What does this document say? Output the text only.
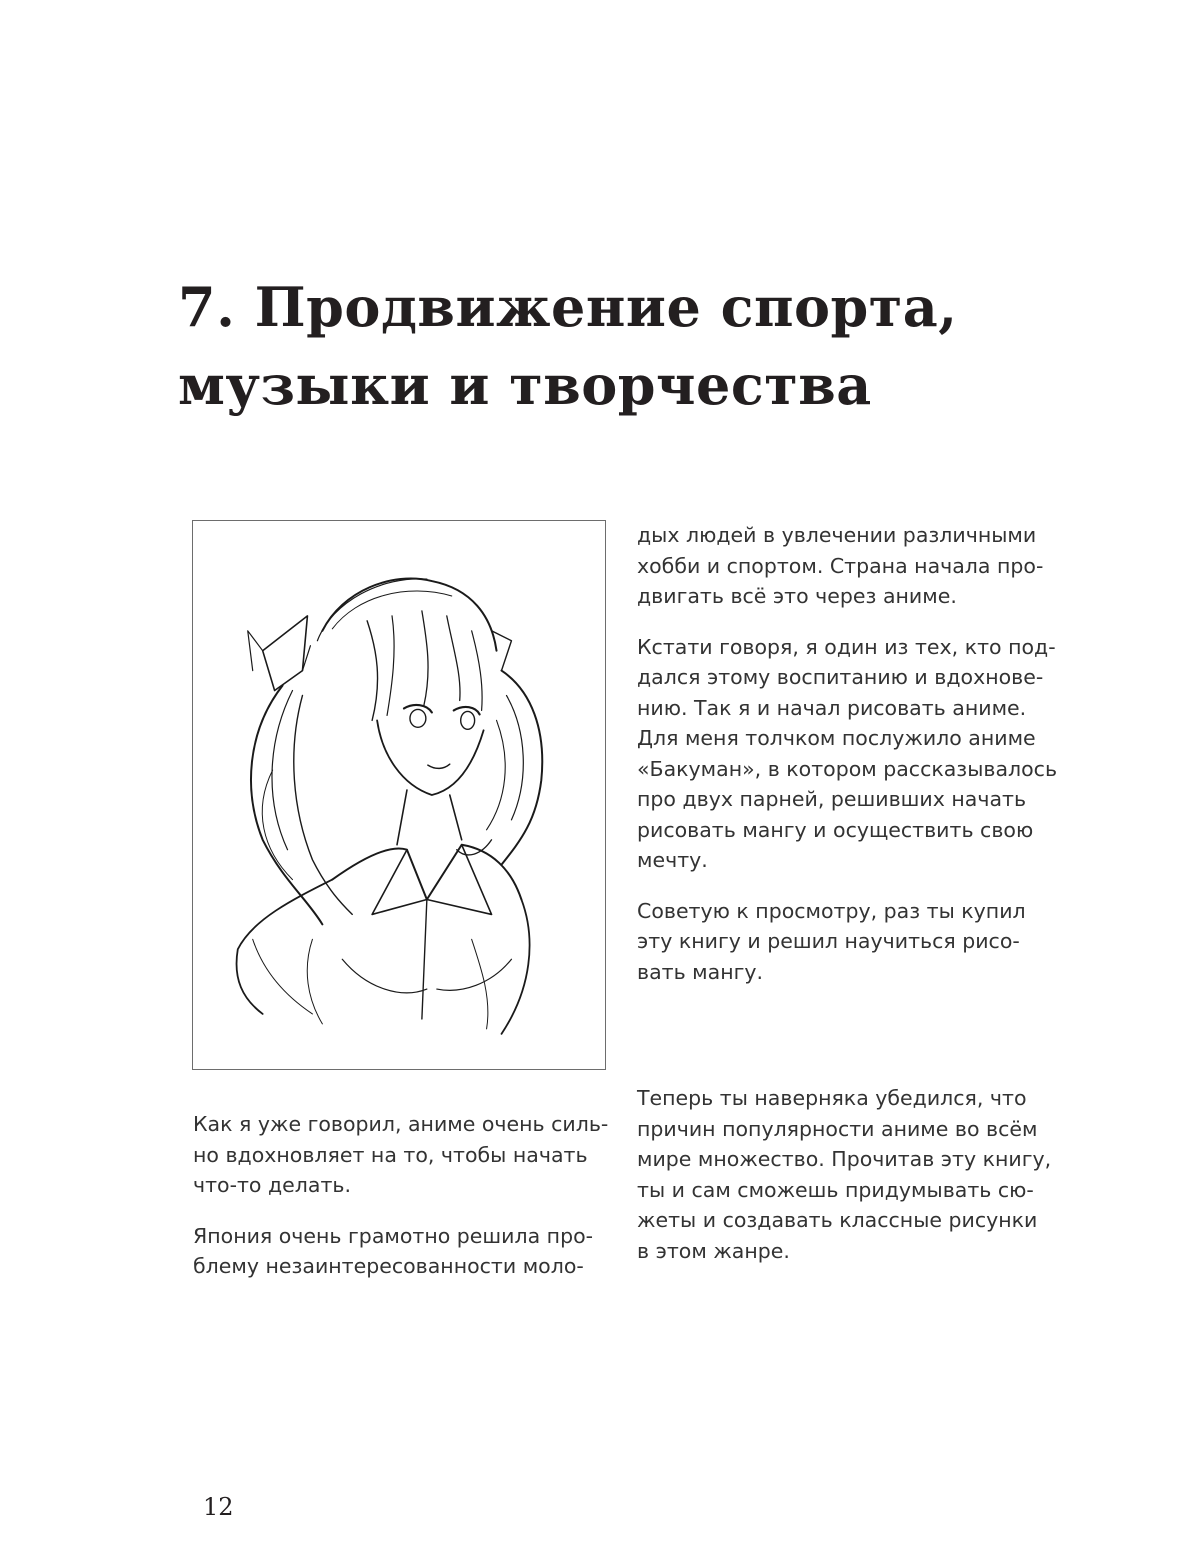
7. Продвижение спорта,
музыки и творчества

Как я уже говорил, аниме очень силь-
но вдохновляет на то, чтобы начать
что-то делать.

Япония очень грамотно решила про-
блему незаинтересованности моло-

дых людей в увлечении различными
хобби и спортом. Страна начала про-
двигать всё это через аниме.

Кстати говоря, я один из тех, кто под-
дался этому воспитанию и вдохнове-
нию. Так я и начал рисовать аниме.
Для меня толчком послужило аниме
«Бакуман», в котором рассказывалось
про двух парней, решивших начать
рисовать мангу и осуществить свою
мечту.

Советую к просмотру, раз ты купил
эту книгу и решил научиться рисо-
вать мангу.

Теперь ты наверняка убедился, что
причин популярности аниме во всём
мире множество. Прочитав эту книгу,
ты и сам сможешь придумывать сю-
жеты и создавать классные рисунки
в этом жанре.

12
